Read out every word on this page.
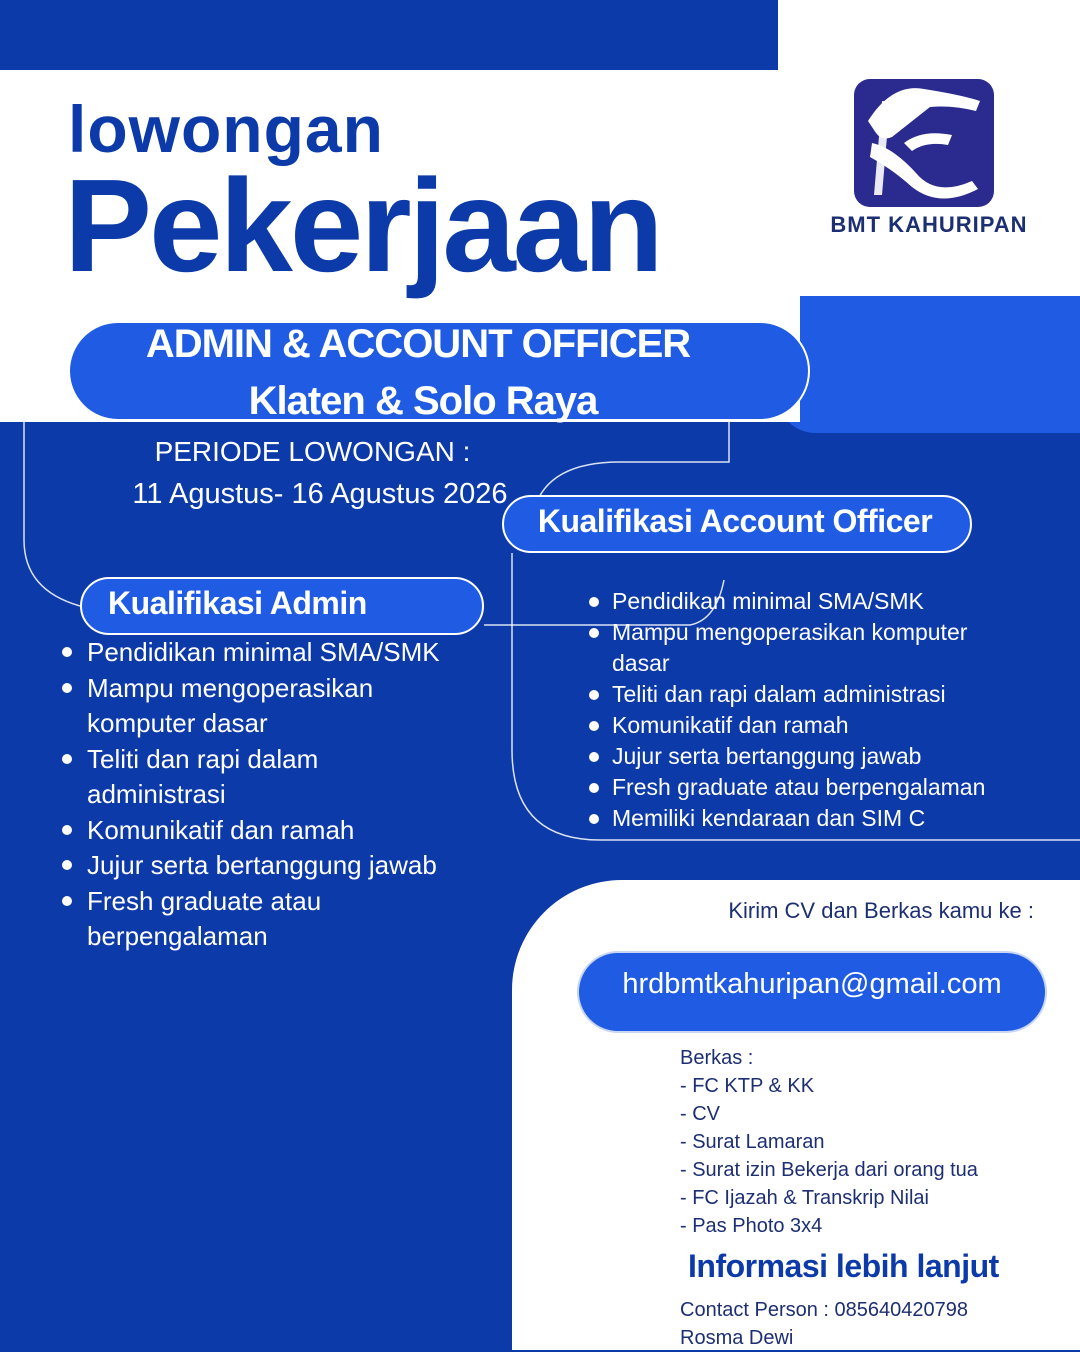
lowongan
Pekerjaan	BMT KAHURIPAN
ADMIN & ACCOUNT OFFICER
Klaten & Solo Raya
PERIODE LOWONGAN :
11 Agustus- 16 Agustus 2026
Kualifikasi Account Officer
Pendidikan minimal SMA/SMK
Mampu mengoperasikan komputer dasar
Teliti dan rapi dalam administrasi
Komunikatif dan ramah
Jujur serta bertanggung jawab
Fresh graduate atau berpengalaman
Memiliki kendaraan dan SIM C
Kualifikasi Admin
Pendidikan minimal SMA/SMK
Mampu mengoperasikan komputer dasar
Teliti dan rapi dalam administrasi
Komunikatif dan ramah
Jujur serta bertanggung jawab
Fresh graduate atau berpengalaman
Kirim CV dan Berkas kamu ke :
hrdbmtkahuripan@gmail.com
Berkas :
- FC KTP & KK
- CV
- Surat Lamaran
- Surat izin Bekerja dari orang tua
- FC Ijazah & Transkrip Nilai
- Pas Photo 3x4
Informasi lebih lanjut
Contact Person : 085640420798
Rosma Dewi
